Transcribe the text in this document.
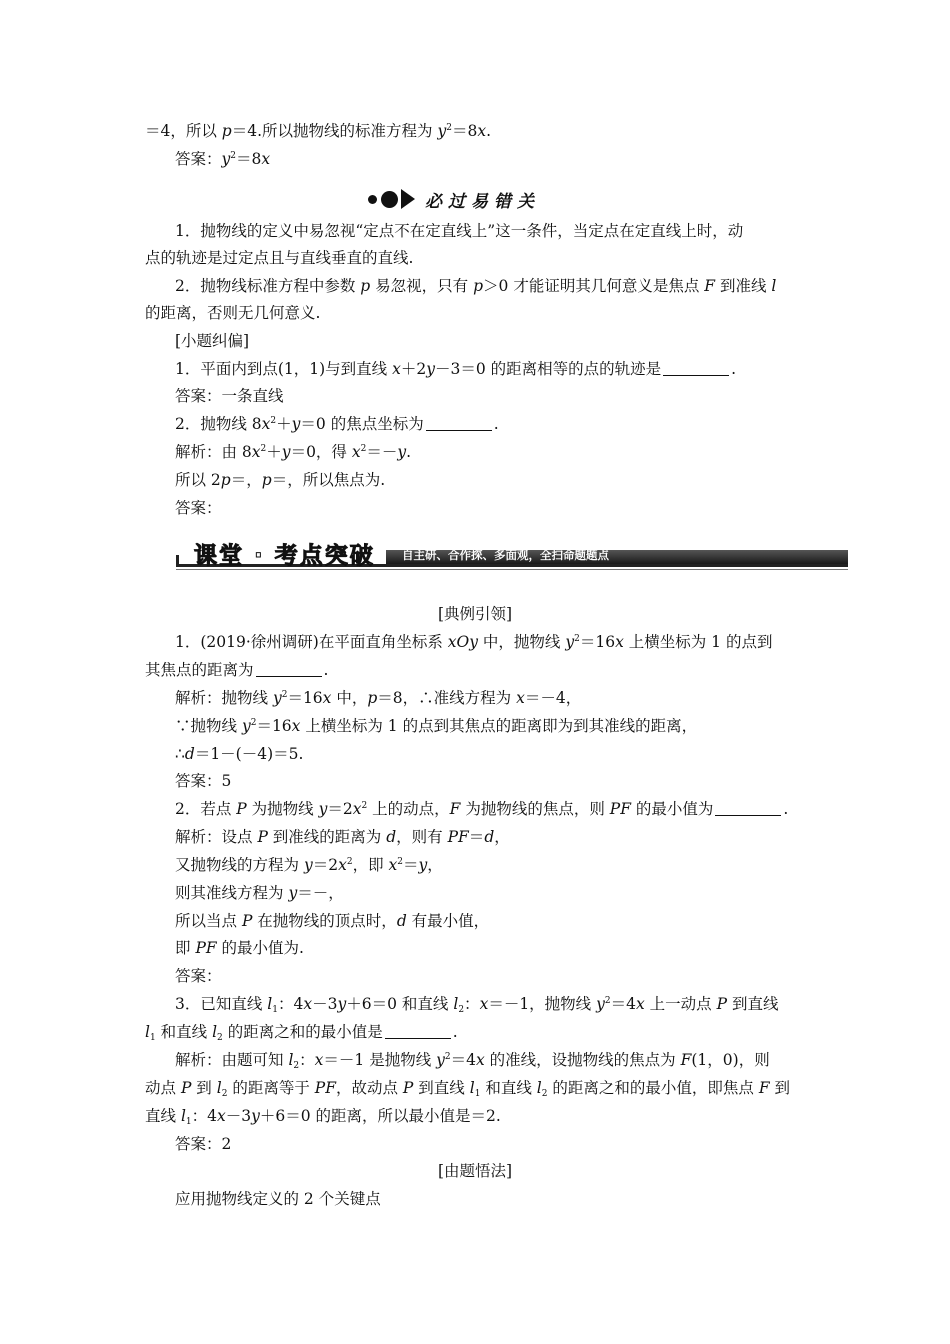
＝4，所以 p＝4.所以抛物线的标准方程为 $y^2=8x$.
答案：$y^2=8x$
必过易错关
1．抛物线的定义中易忽视“定点不在定直线上”这一条件，当定点在定直线上时，动
点的轨迹是过定点且与直线垂直的直线.
2．抛物线标准方程中参数 p 易忽视，只有 p＞0 才能证明其几何意义是焦点 F 到准线 l
的距离，否则无几何意义.
[小题纠偏]
1．平面内到点(1，1)与到直线 x＋2y－3＝0 的距离相等的点的轨迹是	.
答案：一条直线
2．抛物线 $8x^2+y=0$ 的焦点坐标为	.
解析：由 $8x^2+y=0$，得 $x^2=-y$.
所以 2p＝，p＝，所以焦点为.
答案：
课堂 · 考点突破 自主研、合作探、多面观，全扫命题题点
[典例引领]
1．(2019·徐州调研)在平面直角坐标系 xOy 中，抛物线 $y^2=16x$ 上横坐标为 1 的点到
其焦点的距离为	.
解析：抛物线 $y^2=16x$ 中，p＝8，∴准线方程为 x＝－4，
∵抛物线 $y^2=16x$ 上横坐标为 1 的点到其焦点的距离即为到其准线的距离，
∴d＝1－(－4)＝5.
答案：5
2．若点 P 为抛物线 $y=2x^2$ 上的动点，F 为抛物线的焦点，则 PF 的最小值为	.
解析：设点 P 到准线的距离为 d，则有 PF＝d，
又抛物线的方程为 $y=2x^2$，即 $x^2=y$，
则其准线方程为 y＝－，
所以当点 P 在抛物线的顶点时，d 有最小值，
即 PF 的最小值为.
答案：
3．已知直线 $l_1$：4x－3y＋6＝0 和直线 $l_2$：x＝－1，抛物线 $y^2=4x$ 上一动点 P 到直线
$l_1$ 和直线 $l_2$ 的距离之和的最小值是	.
解析：由题可知 $l_2$：x＝－1 是抛物线 $y^2=4x$ 的准线，设抛物线的焦点为 F(1，0)，则
动点 P 到 $l_2$ 的距离等于 PF，故动点 P 到直线 $l_1$ 和直线 $l_2$ 的距离之和的最小值，即焦点 F 到
直线 $l_1$：4x－3y＋6＝0 的距离，所以最小值是＝2.
答案：2
[由题悟法]
应用抛物线定义的 2 个关键点
